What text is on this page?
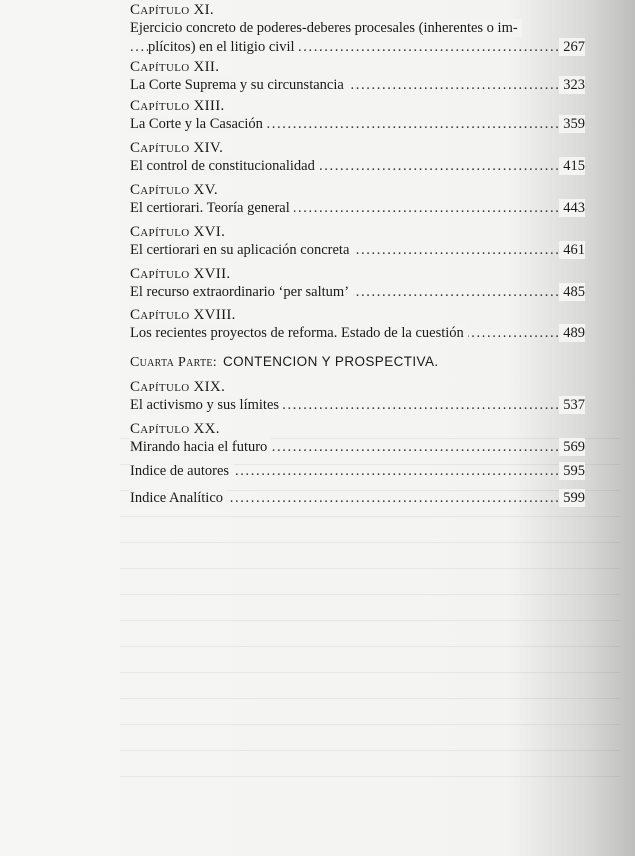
Capítulo XI.
Ejercicio concreto de poderes-deberes procesales (inherentes o im-
. . .
plícitos) en el litigio civil	267
Capítulo XII.
. . .
La Corte Suprema y su circunstancia	323
Capítulo XIII.
. . .
La Corte y la Casación	359
Capítulo XIV.
. . .
El control de constitucionalidad	415
Capítulo XV.
. . .
El certiorari. Teoría general	443
Capítulo XVI.
. . .
El certiorari en su aplicación concreta	461
Capítulo XVII.
. . .
El recurso extraordinario ‘per saltum’	485
Capítulo XVIII.
. . .
Los recientes proyectos de reforma. Estado de la cuestión	489
Cuarta Parte: CONTENCION Y PROSPECTIVA.
Capítulo XIX.
. . .
El activismo y sus límites	537
Capítulo XX.
. . .
Mirando hacia el futuro	569
. . .
Indice de autores	595
. . .
Indice Analítico	599
